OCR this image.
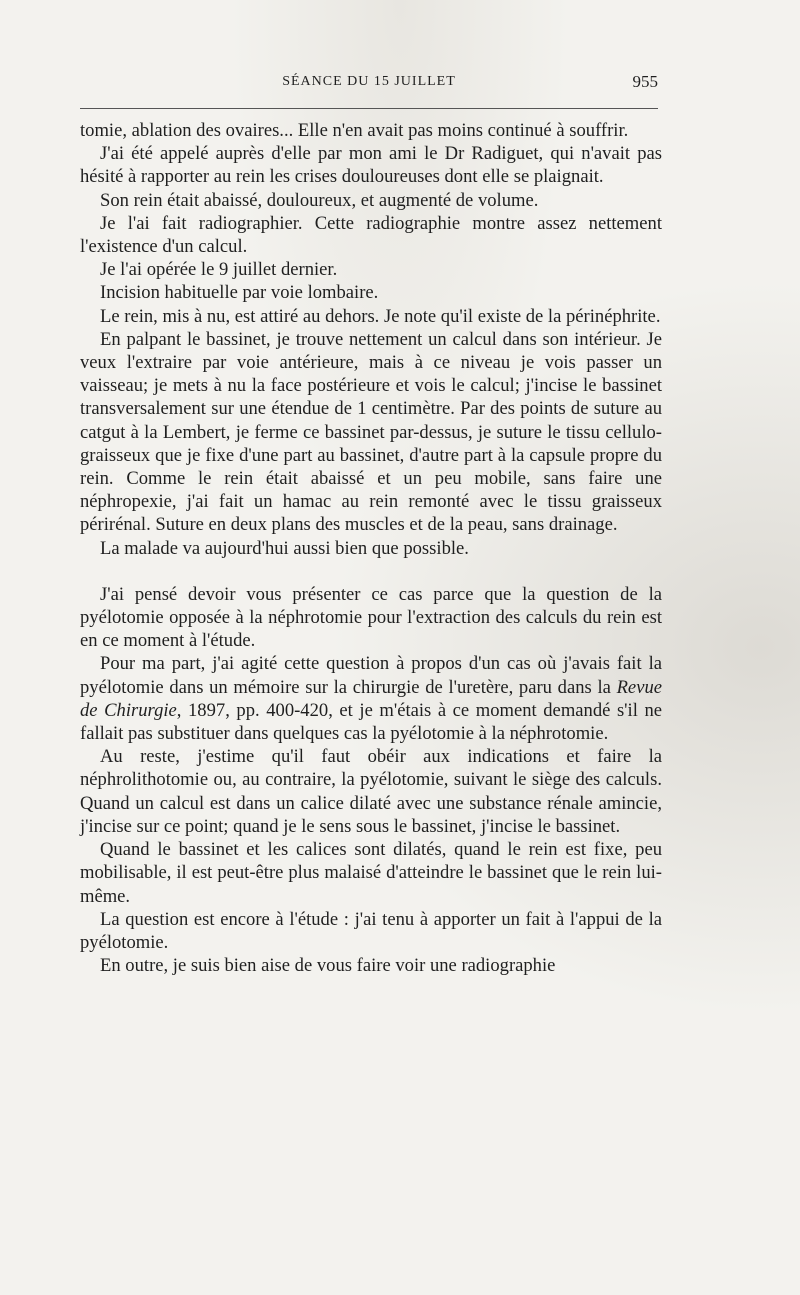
SÉANCE DU 15 JUILLET	955

tomie, ablation des ovaires... Elle n'en avait pas moins continué à souffrir.

J'ai été appelé auprès d'elle par mon ami le Dr Radiguet, qui n'avait pas hésité à rapporter au rein les crises douloureuses dont elle se plaignait.

Son rein était abaissé, douloureux, et augmenté de volume.

Je l'ai fait radiographier. Cette radiographie montre assez nettement l'existence d'un calcul.

Je l'ai opérée le 9 juillet dernier.

Incision habituelle par voie lombaire.

Le rein, mis à nu, est attiré au dehors. Je note qu'il existe de la périnéphrite.

En palpant le bassinet, je trouve nettement un calcul dans son intérieur. Je veux l'extraire par voie antérieure, mais à ce niveau je vois passer un vaisseau; je mets à nu la face postérieure et vois le calcul; j'incise le bassinet transversalement sur une étendue de 1 centimètre. Par des points de suture au catgut à la Lembert, je ferme ce bassinet par-dessus, je suture le tissu cellulo-graisseux que je fixe d'une part au bassinet, d'autre part à la capsule propre du rein. Comme le rein était abaissé et un peu mobile, sans faire une néphropexie, j'ai fait un hamac au rein remonté avec le tissu graisseux périrénal. Suture en deux plans des muscles et de la peau, sans drainage.

La malade va aujourd'hui aussi bien que possible.

J'ai pensé devoir vous présenter ce cas parce que la question de la pyélotomie opposée à la néphrotomie pour l'extraction des calculs du rein est en ce moment à l'étude.

Pour ma part, j'ai agité cette question à propos d'un cas où j'avais fait la pyélotomie dans un mémoire sur la chirurgie de l'uretère, paru dans la Revue de Chirurgie, 1897, pp. 400-420, et je m'étais à ce moment demandé s'il ne fallait pas substituer dans quelques cas la pyélotomie à la néphrotomie.

Au reste, j'estime qu'il faut obéir aux indications et faire la néphrolithotomie ou, au contraire, la pyélotomie, suivant le siège des calculs. Quand un calcul est dans un calice dilaté avec une substance rénale amincie, j'incise sur ce point; quand je le sens sous le bassinet, j'incise le bassinet.

Quand le bassinet et les calices sont dilatés, quand le rein est fixe, peu mobilisable, il est peut-être plus malaisé d'atteindre le bassinet que le rein lui-même.

La question est encore à l'étude : j'ai tenu à apporter un fait à l'appui de la pyélotomie.

En outre, je suis bien aise de vous faire voir une radiographie
